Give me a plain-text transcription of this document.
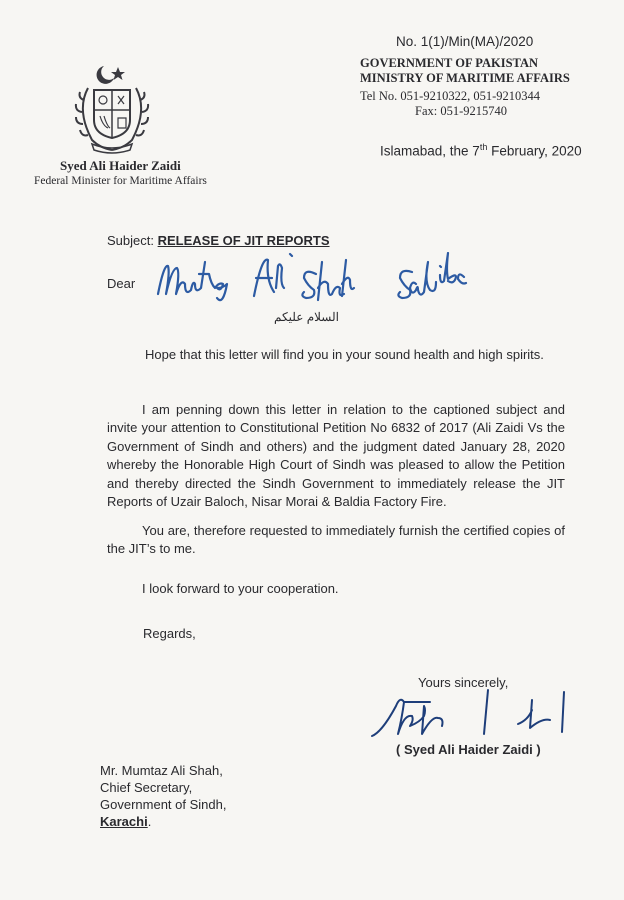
No. 1(1)/Min(MA)/2020
GOVERNMENT OF PAKISTAN
MINISTRY OF MARITIME AFFAIRS
Tel No. 051-9210322, 051-9210344
Fax: 051-9215740
Syed Ali Haider Zaidi
Federal Minister for Maritime Affairs
Islamabad, the 7th February, 2020
Subject: RELEASE OF JIT REPORTS
Dear
السلام علیکم
Hope that this letter will find you in your sound health and high spirits.
I am penning down this letter in relation to the captioned subject and invite your attention to Constitutional Petition No 6832 of 2017 (Ali Zaidi Vs the Government of Sindh and others) and the judgment dated January 28, 2020 whereby the Honorable High Court of Sindh was pleased to allow the Petition and thereby directed the Sindh Government to immediately release the JIT Reports of Uzair Baloch, Nisar Morai & Baldia Factory Fire.
You are, therefore requested to immediately furnish the certified copies of the JIT’s to me.
I look forward to your cooperation.
Regards,
Yours sincerely,
( Syed Ali Haider Zaidi )
Mr. Mumtaz Ali Shah,
Chief Secretary,
Government of Sindh,
Karachi.
